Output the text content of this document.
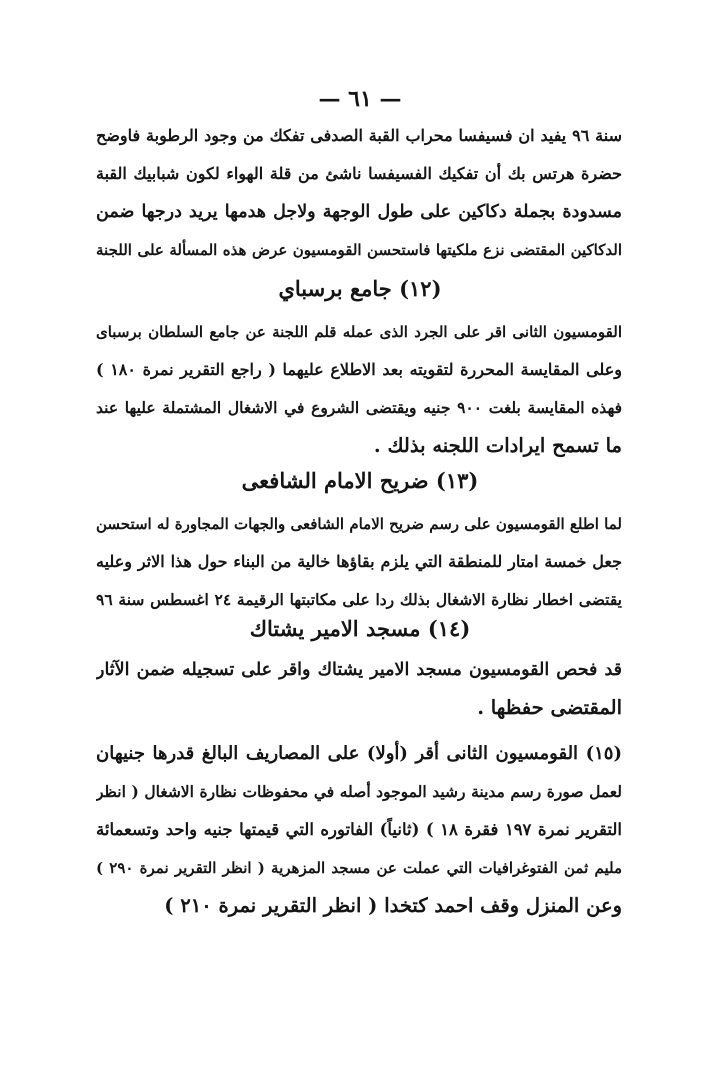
— ٦١ —
سنة ٩٦ يفيد ان فسيفسا محراب القبة الصدفى تفكك من وجود الرطوبة فاوضح
حضرة هرتس بك أن تفكيك الفسيفسا ناشئ من قلة الهواء لكون شبابيك القبة
مسدودة بجملة دكاكين على طول الوجهة ولاجل هدمها يريد درجها ضمن
الدكاكين المقتضى نزع ملكيتها فاستحسن القومسيون عرض هذه المسألة على اللجنة
(١٢) جامع برسباي
القومسيون الثانى اقر على الجرد الذى عمله قلم اللجنة عن جامع السلطان برسباى
وعلى المقايسة المحررة لتقويته بعد الاطلاع عليهما ( راجع التقرير نمرة ١٨٠ )
فهذه المقايسة بلغت ٩٠٠ جنيه ويقتضى الشروع في الاشغال المشتملة عليها عند
ما تسمح ايرادات اللجنه بذلك .
(١٣) ضريح الامام الشافعى
لما اطلع القومسيون على رسم ضريح الامام الشافعى والجهات المجاورة له استحسن
جعل خمسة امتار للمنطقة التي يلزم بقاؤها خالية من البناء حول هذا الاثر وعليه
يقتضى اخطار نظارة الاشغال بذلك ردا على مكاتبتها الرقيمة ٢٤ اغسطس سنة ٩٦
(١٤) مسجد الامير يشتاك
قد فحص القومسيون مسجد الامير يشتاك واقر على تسجيله ضمن الآثار
المقتضى حفظها .
(١٥) القومسيون الثانى أقر (أولا) على المصاريف البالغ قدرها جنيهان
لعمل صورة رسم مدينة رشيد الموجود أصله في محفوظات نظارة الاشغال ( انظر
التقرير نمرة ١٩٧ فقرة ١٨ ) (ثانياً) الفاتوره التي قيمتها جنيه واحد وتسعمائة
مليم ثمن الفتوغرافيات التي عملت عن مسجد المزهرية ( انظر التقرير نمرة ٢٩٠ )
وعن المنزل وقف احمد كتخدا ( انظر التقرير نمرة ٢١٠ )
